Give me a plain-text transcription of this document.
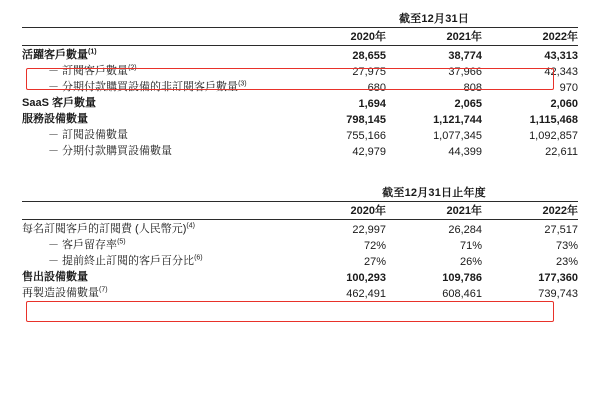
	截至12月31日		

	2020年	2021年	2022年

活躍客戶數量$^{(1)}$	28,655	38,774	43,313
－ 訂閱客戶數量$^{(2)}$	27,975	37,966	42,343
－ 分期付款購買設備的非訂閱客戶數量$^{(3)}$	680	808	970
SaaS 客戶數量	1,694	2,065	2,060
服務設備數量	798,145	1,121,744	1,115,468
－ 訂閱設備數量	755,166	1,077,345	1,092,857
－ 分期付款購買設備數量	42,979	44,399	22,611
	截至12月31日止年度		

	2020年	2021年	2022年

每名訂閱客戶的訂閱費 (人民幣元)$^{(4)}$	22,997	26,284	27,517
－ 客戶留存率$^{(5)}$	72%	71%	73%
－ 提前終止訂閱的客戶百分比$^{(6)}$	27%	26%	23%
售出設備數量	100,293	109,786	177,360
再製造設備數量$^{(7)}$	462,491	608,461	739,743
